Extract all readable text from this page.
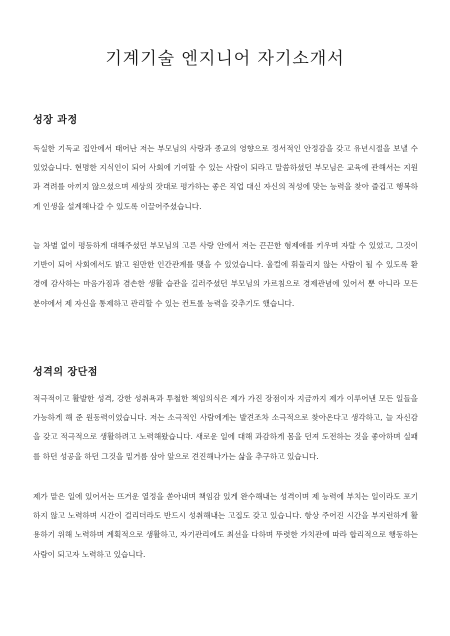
기계기술 엔지니어 자기소개서
성장 과정

독실한 기독교 집안에서 태어난 저는 부모님의 사랑과 종교의 영향으로 정서적인 안정감을 갖고 유년시절을 보낼 수 있었습니다. 현명한 지식인이 되어 사회에 기여할 수 있는 사람이 되라고 말씀하셨던 부모님은 교육에 관해서는 지원과 격려를 아끼지 않으셨으며 세상의 잣대로 평가하는 좋은 직업 대신 자신의 적성에 맞는 능력을 찾아 즐겁고 행복하게 인생을 설계해나갈 수 있도록 이끌어주셨습니다.

늘 차별 없이 평등하게 대해주셨던 부모님의 고른 사랑 안에서 저는 끈끈한 형제애를 키우며 자랄 수 있었고, 그것이 기반이 되어 사회에서도 밝고 원만한 인간관계를 맺을 수 있었습니다. 울컬에 휘둘리지 않는 사람이 될 수 있도록 환경에 감사하는 마음가짐과 겸손한 생활 습관을 길러주셨던 부모님의 가르침으로 경제관념에 있어서 뿐 아니라 모든 분야에서 제 자신을 통제하고 관리할 수 있는 컨트롤 능력을 갖추기도 했습니다.

성격의 장단점

적극적이고 활발한 성격, 강한 성취욕과 투철한 책임의식은 제가 가진 장점이자 지금까지 제가 이루어낸 모든 일들을 가능하게 해 준 원동력이었습니다. 저는 소극적인 사람에게는 발견조차 소극적으로 찾아온다고 생각하고, 늘 자신감을 갖고 적극적으로 생활하려고 노력해왔습니다. 새로운 일에 대해 과감하게 몸을 던져 도전하는 것을 좋아하며 실패를 하던 성공을 하던 그것을 밑거름 삼아 앞으로 견진해나가는 삶을 추구하고 있습니다.

제가 맡은 일에 있어서는 뜨거운 열정을 쏟아내며 책임감 있게 완수해내는 성격이며 제 능력에 부치는 일이라도 포기하지 않고 노력하며 시간이 걸리더라도 반드시 성취해내는 고집도 갖고 있습니다. 항상 주어진 시간을 부지런하게 활용하기 위해 노력하며 계획적으로 생활하고, 자기관리에도 최선을 다하며 뚜렷한 가치관에 따라 합리적으로 행동하는 사람이 되고자 노력하고 있습니다.
